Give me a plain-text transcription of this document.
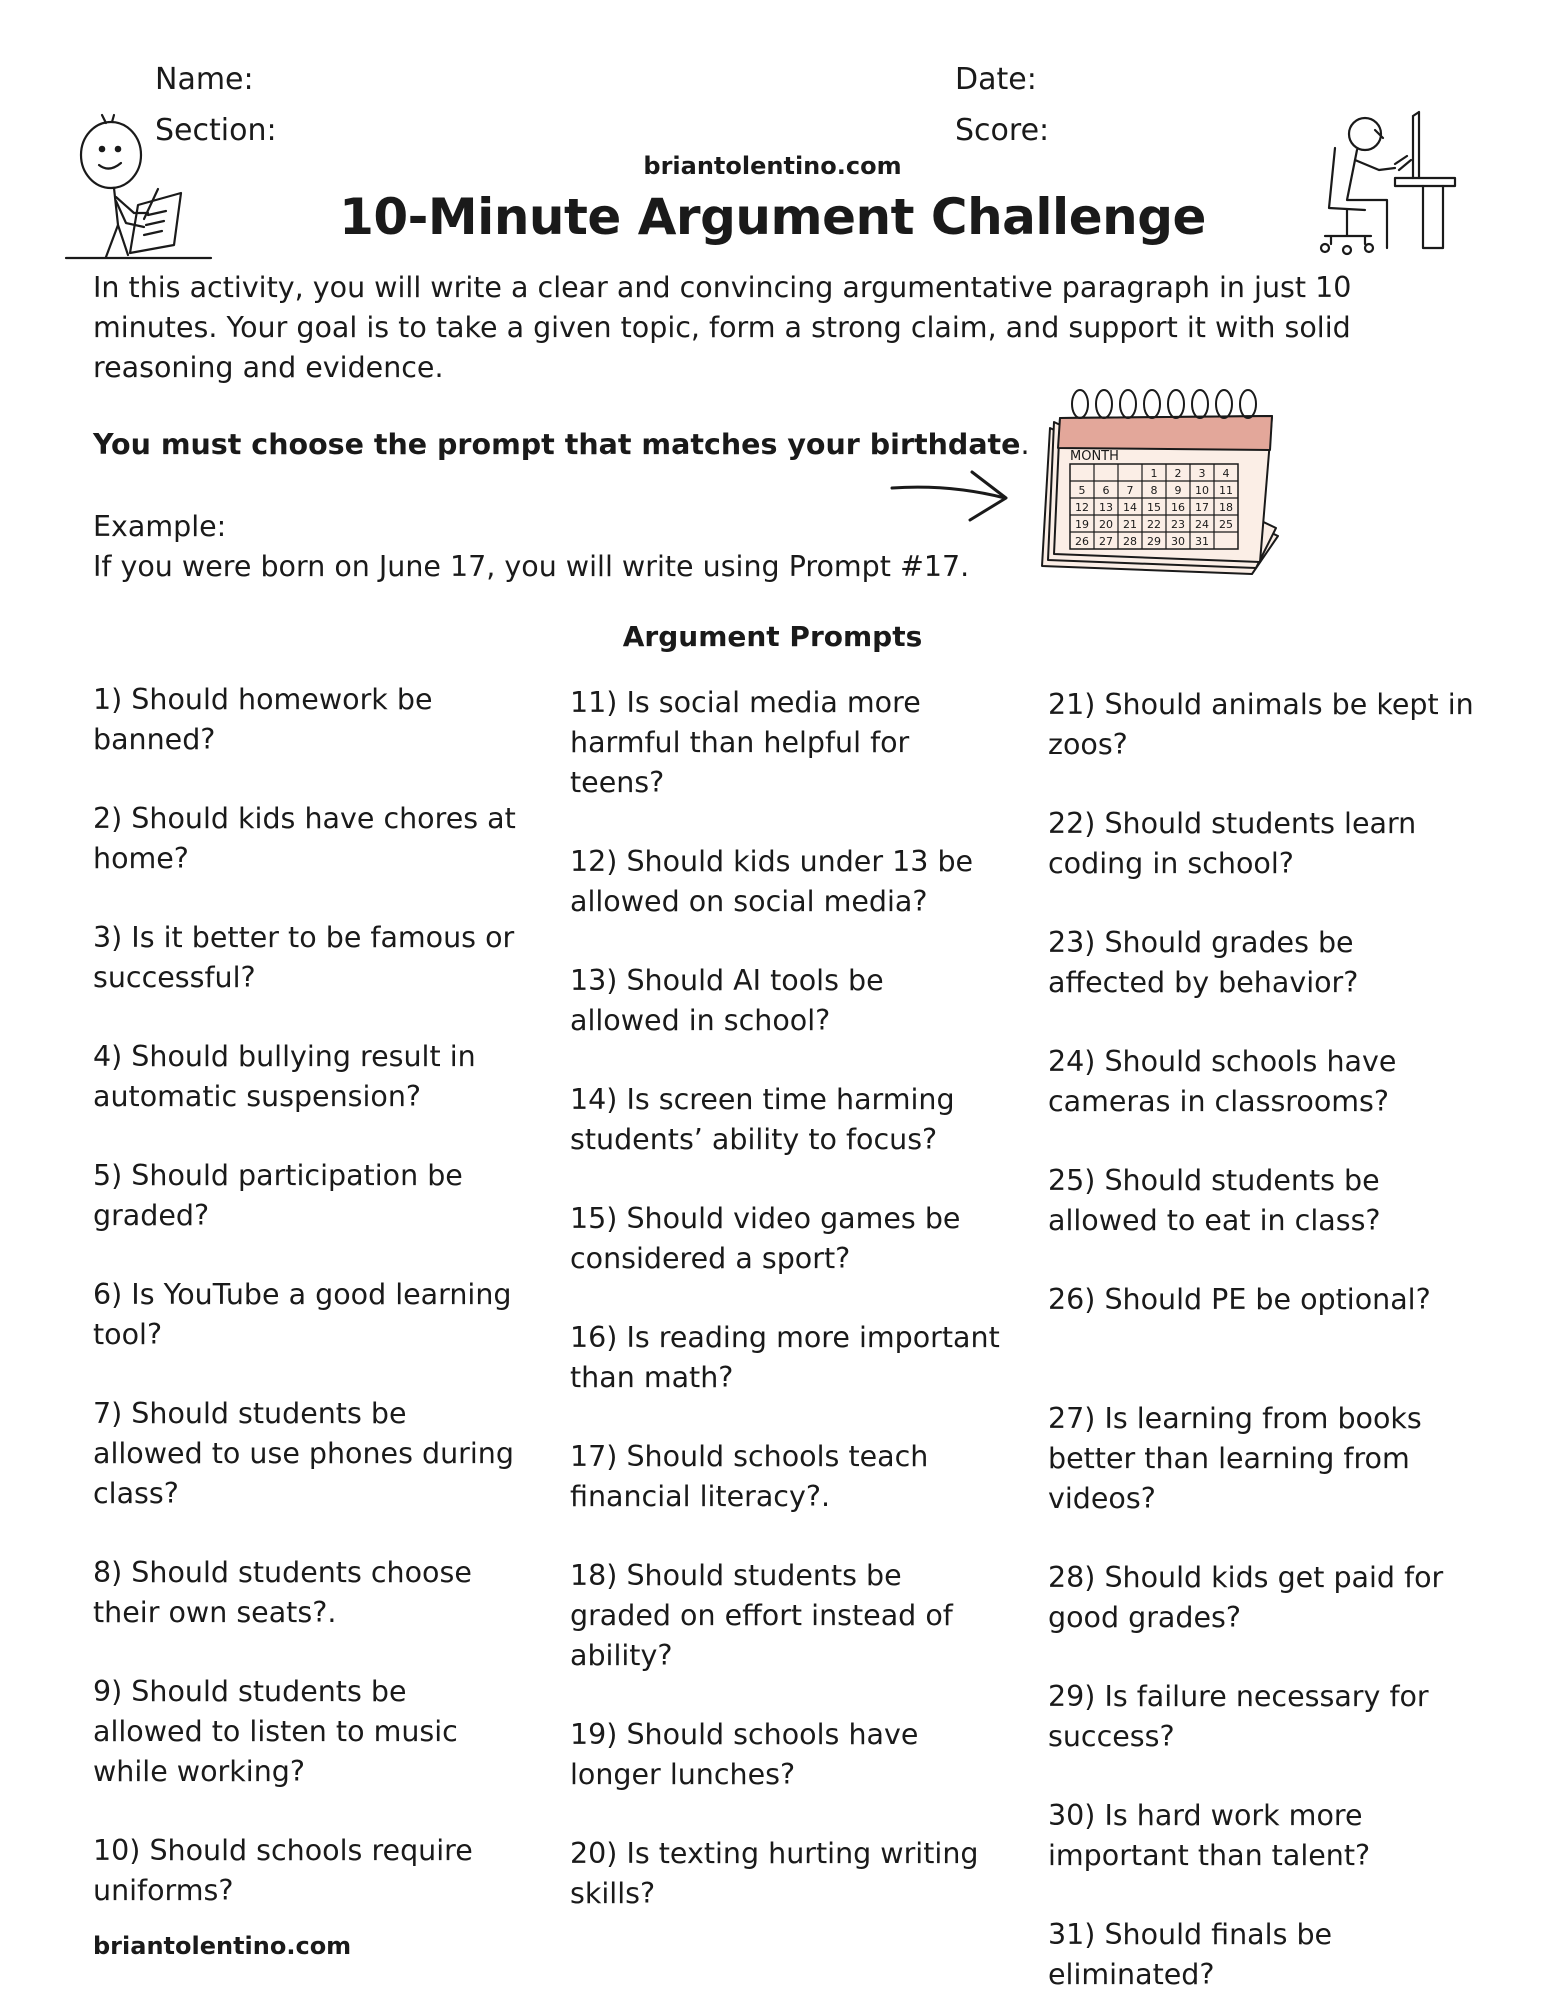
Name:
Section:
Date:
Score:
briantolentino.com
10-Minute Argument Challenge
In this activity, you will write a clear and convincing argumentative paragraph in just 10 minutes. Your goal is to take a given topic, form a strong claim, and support it with solid reasoning and evidence.
You must choose the prompt that matches your birthdate.
Example:
If you were born on June 17, you will write using Prompt #17.
MONTH
1 2 3 4
5 6 7 8 9 10 11
12 13 14 15 16 17 18
19 20 21 22 23 24 25
26 27 28 29 30 31
Argument Prompts
1) Should homework be banned?
2) Should kids have chores at home?
3) Is it better to be famous or successful?
4) Should bullying result in automatic suspension?
5) Should participation be graded?
6) Is YouTube a good learning tool?
7) Should students be allowed to use phones during class?
8) Should students choose their own seats?.
9) Should students be allowed to listen to music while working?
10) Should schools require uniforms?
11) Is social media more harmful than helpful for teens?
12) Should kids under 13 be allowed on social media?
13) Should AI tools be allowed in school?
14) Is screen time harming students’ ability to focus?
15) Should video games be considered a sport?
16) Is reading more important than math?
17) Should schools teach financial literacy?.
18) Should students be graded on effort instead of ability?
19) Should schools have longer lunches?
20) Is texting hurting writing skills?
21) Should animals be kept in zoos?
22) Should students learn coding in school?
23) Should grades be affected by behavior?
24) Should schools have cameras in classrooms?
25) Should students be allowed to eat in class?
26) Should PE be optional?
27) Is learning from books better than learning from videos?
28) Should kids get paid for good grades?
29) Is failure necessary for success?
30) Is hard work more important than talent?
31) Should finals be eliminated?
briantolentino.com
